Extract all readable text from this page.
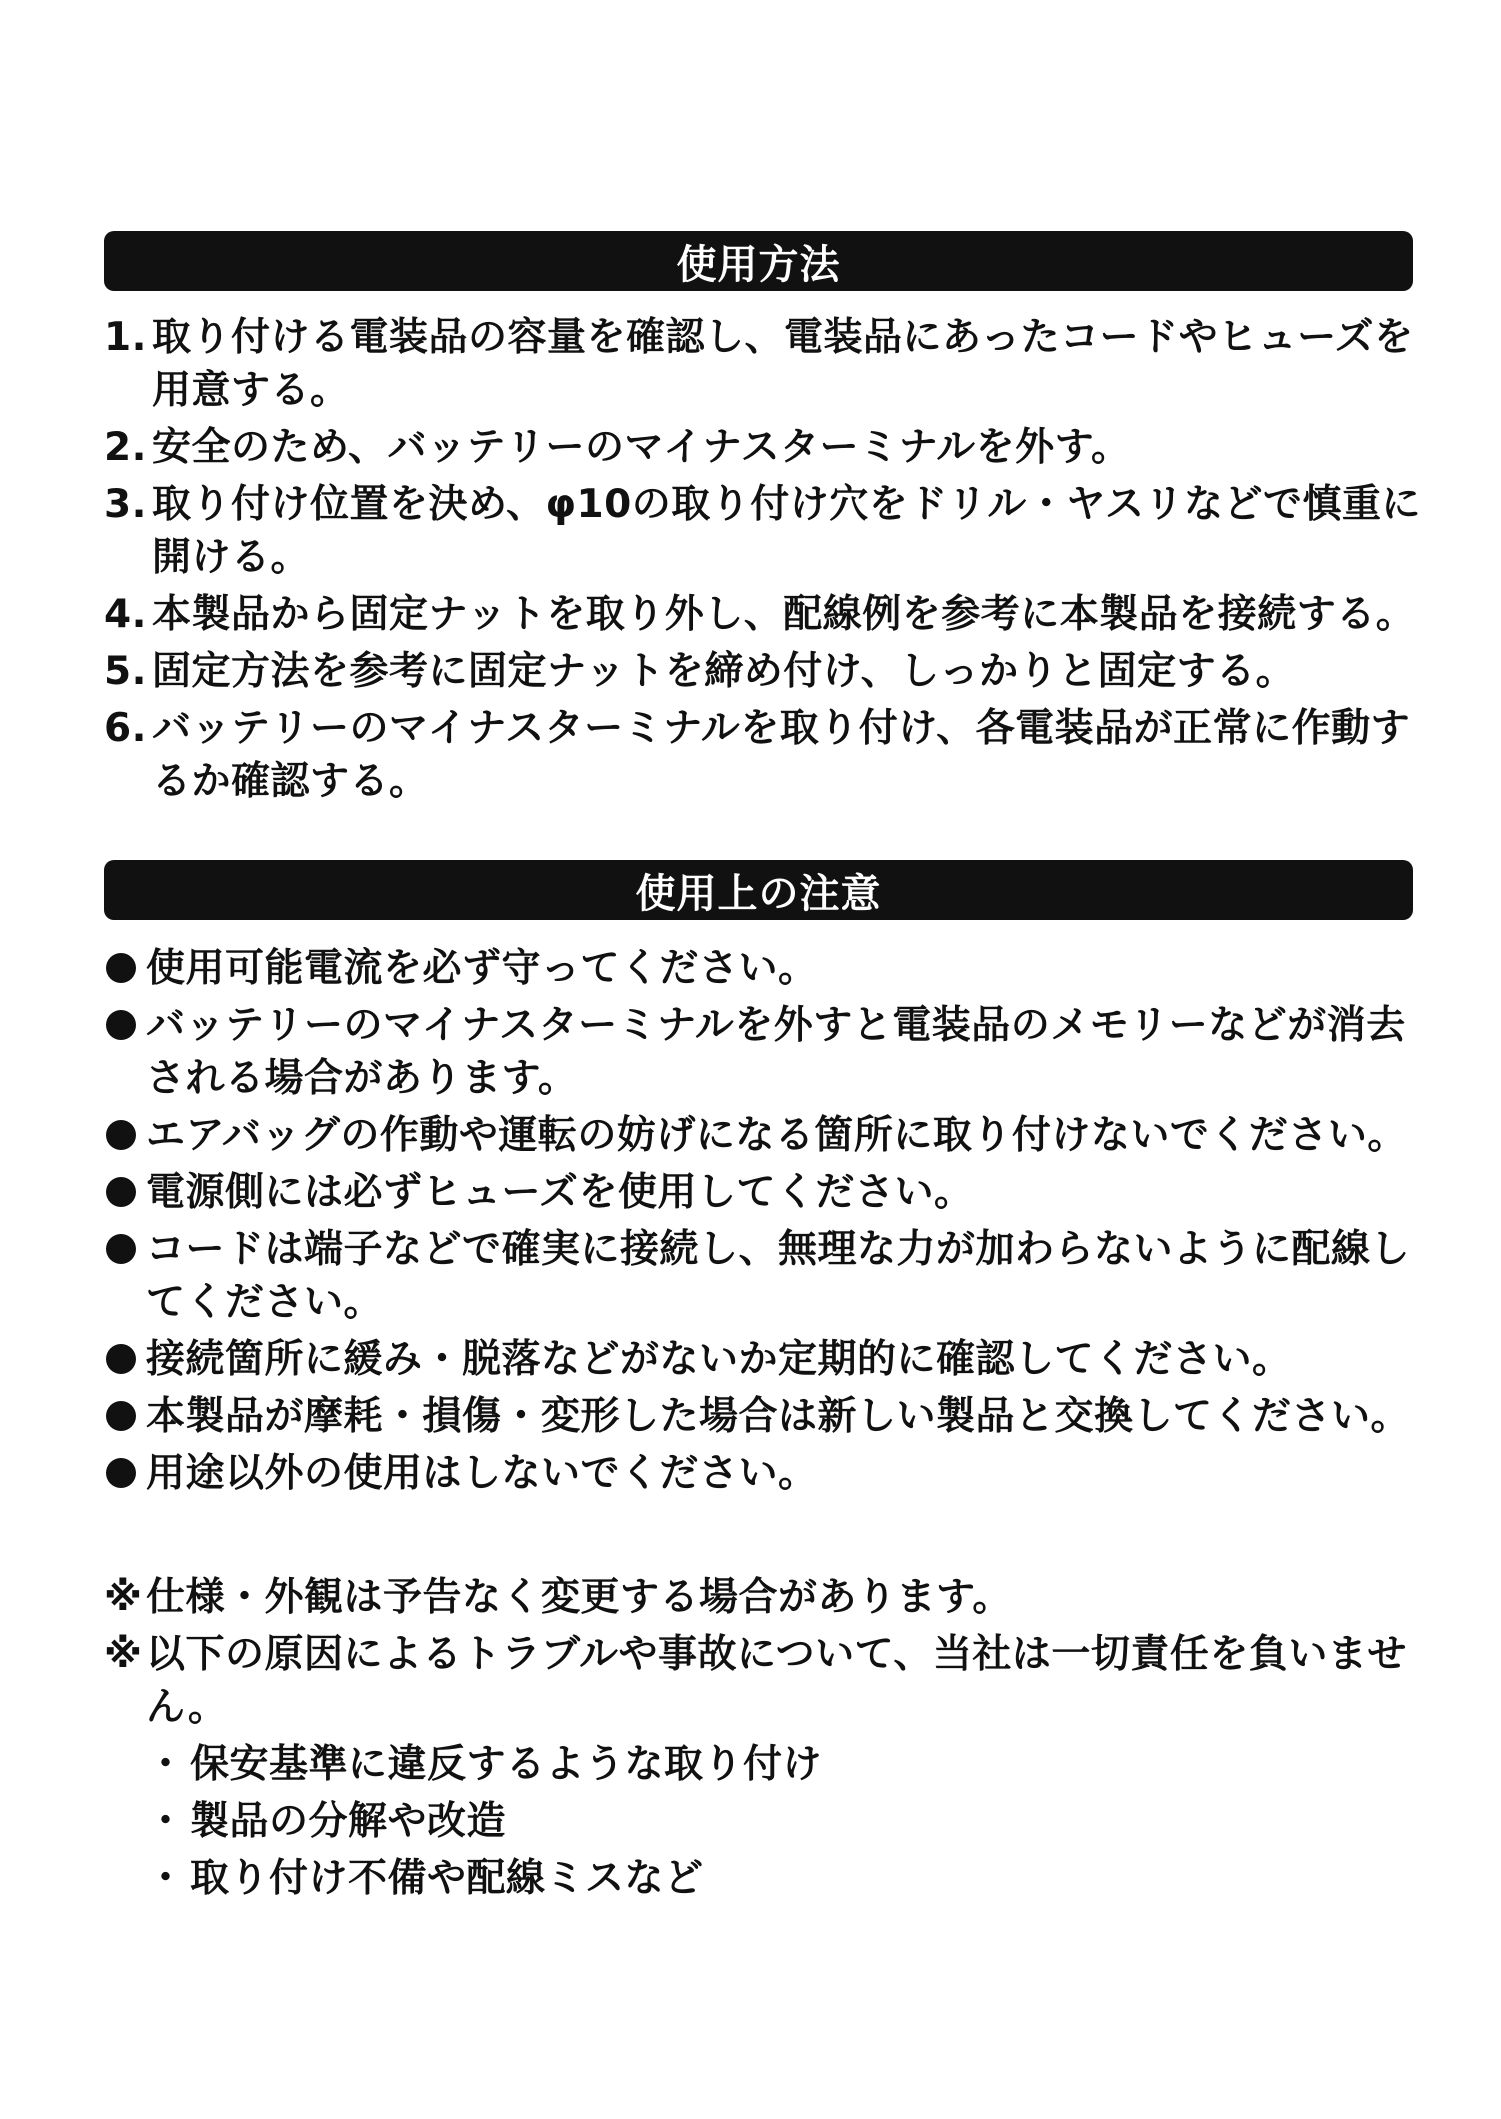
使用方法
1. 取り付ける電装品の容量を確認し、電装品にあったコードやヒューズを用意する。
2. 安全のため、バッテリーのマイナスターミナルを外す。
3. 取り付け位置を決め、φ10の取り付け穴をドリル・ヤスリなどで慎重に開ける。
4. 本製品から固定ナットを取り外し、配線例を参考に本製品を接続する。
5. 固定方法を参考に固定ナットを締め付け、しっかりと固定する。
6. バッテリーのマイナスターミナルを取り付け、各電装品が正常に作動するか確認する。
使用上の注意
使用可能電流を必ず守ってください。
バッテリーのマイナスターミナルを外すと電装品のメモリーなどが消去される場合があります。
エアバッグの作動や運転の妨げになる箇所に取り付けないでください。
電源側には必ずヒューズを使用してください。
コードは端子などで確実に接続し、無理な力が加わらないように配線してください。
接続箇所に緩み・脱落などがないか定期的に確認してください。
本製品が摩耗・損傷・変形した場合は新しい製品と交換してください。
用途以外の使用はしないでください。
※ 仕様・外観は予告なく変更する場合があります。
※ 以下の原因によるトラブルや事故について、当社は一切責任を負いません。
・ 保安基準に違反するような取り付け
・ 製品の分解や改造
・ 取り付け不備や配線ミスなど
